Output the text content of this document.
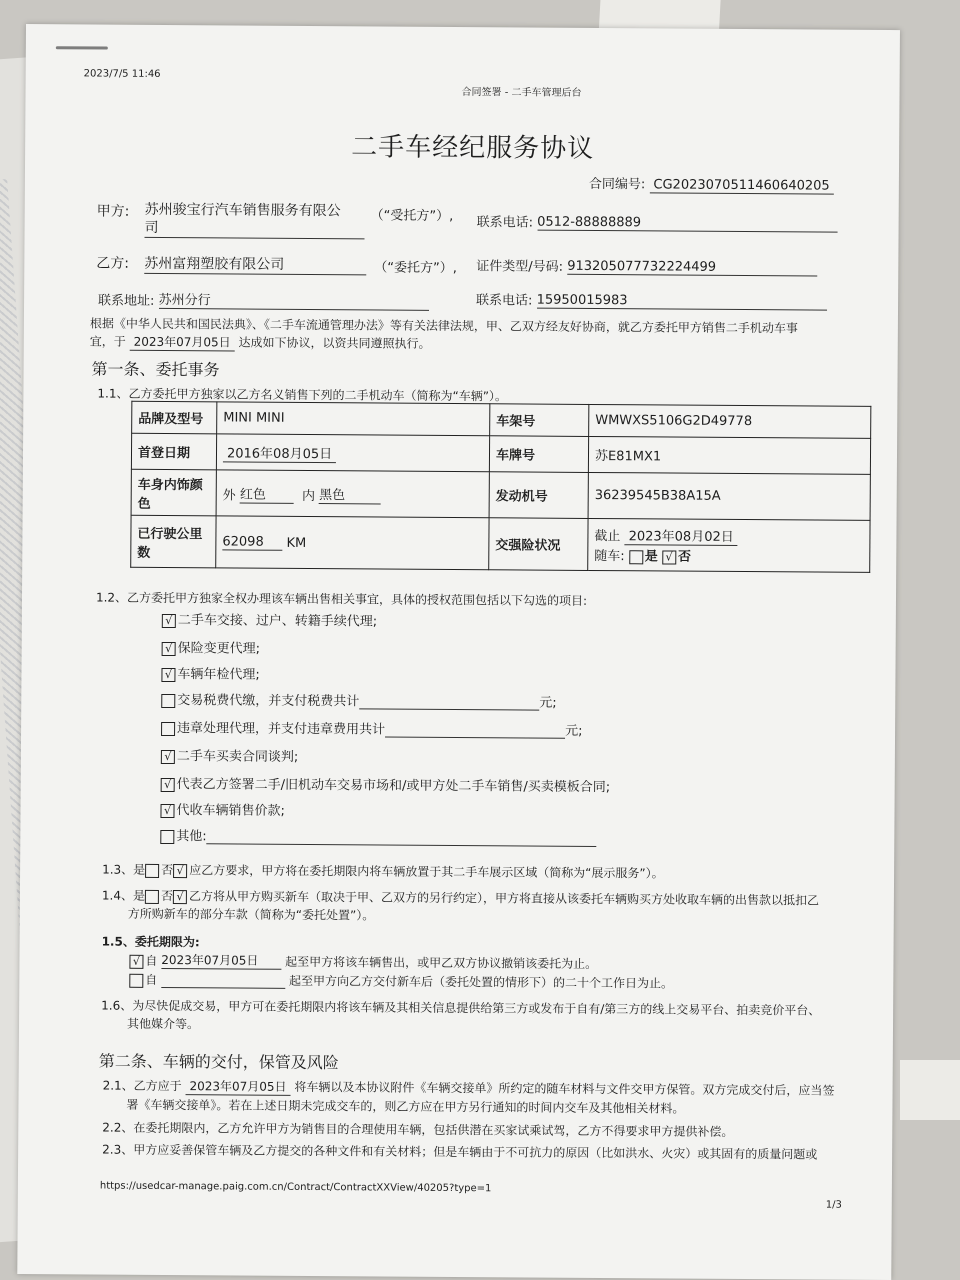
2023/7/5 11:46
合同签署 - 二手车管理后台
二手车经纪服务协议
合同编号: CG2023070511460640205
甲方: 苏州骏宝行汽车销售服务有限公
司
（“受托方”）, 联系电话: 0512-88888889
乙方: 苏州富翔塑胶有限公司	（“委托方”）, 证件类型/号码: 913205077732224499
联系地址: 苏州分行	联系电话: 15950015983
根据《中华人民共和国民法典》、《二手车流通管理办法》等有关法律法规，甲、乙双方经友好协商，就乙方委托甲方销售二手机动车事
宜，于 2023年07月05日 达成如下协议，以资共同遵照执行。
第一条、委托事务
1.1、乙方委托甲方独家以乙方名义销售下列的二手机动车（简称为“车辆”）。
品牌及型号	MINI MINI	车架号	WMWXS5106G2D49778
首登日期	2016年08月05日	车牌号	苏E81MX1
车身内饰颜色	外 红色 内 黑色	发动机号	36239545B38A15A
已行驶公里数	62098 KM	交强险状况	截止 2023年08月02日
随车: 是 √ 否
1.2、乙方委托甲方独家全权办理该车辆出售相关事宜，具体的授权范围包括以下勾选的项目:
√ 二手车交接、过户、转籍手续代理;
√ 保险变更代理;
√ 车辆年检代理;
交易税费代缴，并支付税费共计	元;
违章处理代理，并支付违章费用共计	元;
√ 二手车买卖合同谈判;
√ 代表乙方签署二手/旧机动车交易市场和/或甲方处二手车销售/买卖模板合同;
√ 代收车辆销售价款;
其他:
1.3、是 否 √ 应乙方要求，甲方将在委托期限内将车辆放置于其二手车展示区域（简称为“展示服务”）。
1.4、是 否 √ 乙方将从甲方购买新车（取决于甲、乙双方的另行约定），甲方将直接从该委托车辆购买方处收取车辆的出售款以抵扣乙
方所购新车的部分车款（简称为“委托处置”）。
1.5、委托期限为:
√ 自 2023年07月05日 起至甲方将该车辆售出，或甲乙双方协议撤销该委托为止。
自	起至甲方向乙方交付新车后（委托处置的情形下）的二十个工作日为止。
1.6、为尽快促成交易，甲方可在委托期限内将该车辆及其相关信息提供给第三方或发布于自有/第三方的线上交易平台、拍卖竞价平台、
其他媒介等。
第二条、车辆的交付，保管及风险
2.1、乙方应于 2023年07月05日 将车辆以及本协议附件《车辆交接单》所约定的随车材料与文件交甲方保管。双方完成交付后，应当签
署《车辆交接单》。若在上述日期未完成交车的，则乙方应在甲方另行通知的时间内交车及其他相关材料。
2.2、在委托期限内，乙方允许甲方为销售目的合理使用车辆，包括供潜在买家试乘试驾，乙方不得要求甲方提供补偿。
2.3、甲方应妥善保管车辆及乙方提交的各种文件和有关材料；但是车辆由于不可抗力的原因（比如洪水、火灾）或其固有的质量问题或
https://usedcar-manage.paig.com.cn/Contract/ContractXXView/40205?type=1
1/3
